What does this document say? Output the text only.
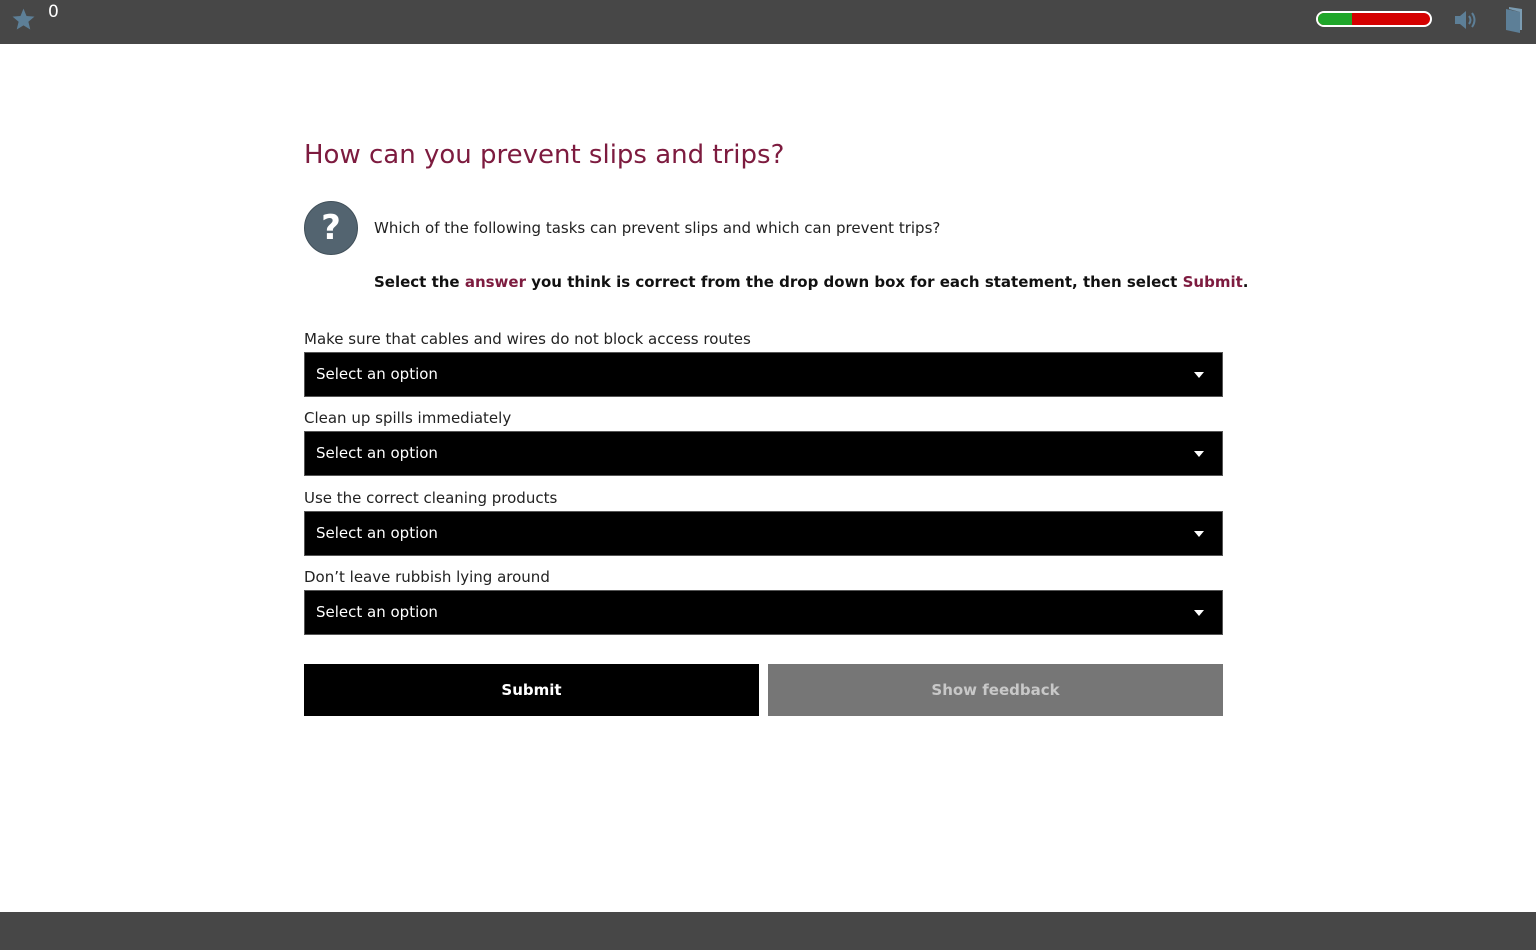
0
How can you prevent slips and trips?
?	Which of the following tasks can prevent slips and which can prevent trips?
Select the answer you think is correct from the drop down box for each statement, then select Submit.
Make sure that cables and wires do not block access routes
Select an option
Clean up spills immediately
Select an option
Use the correct cleaning products
Select an option
Don’t leave rubbish lying around
Select an option
Submit	Show feedback
